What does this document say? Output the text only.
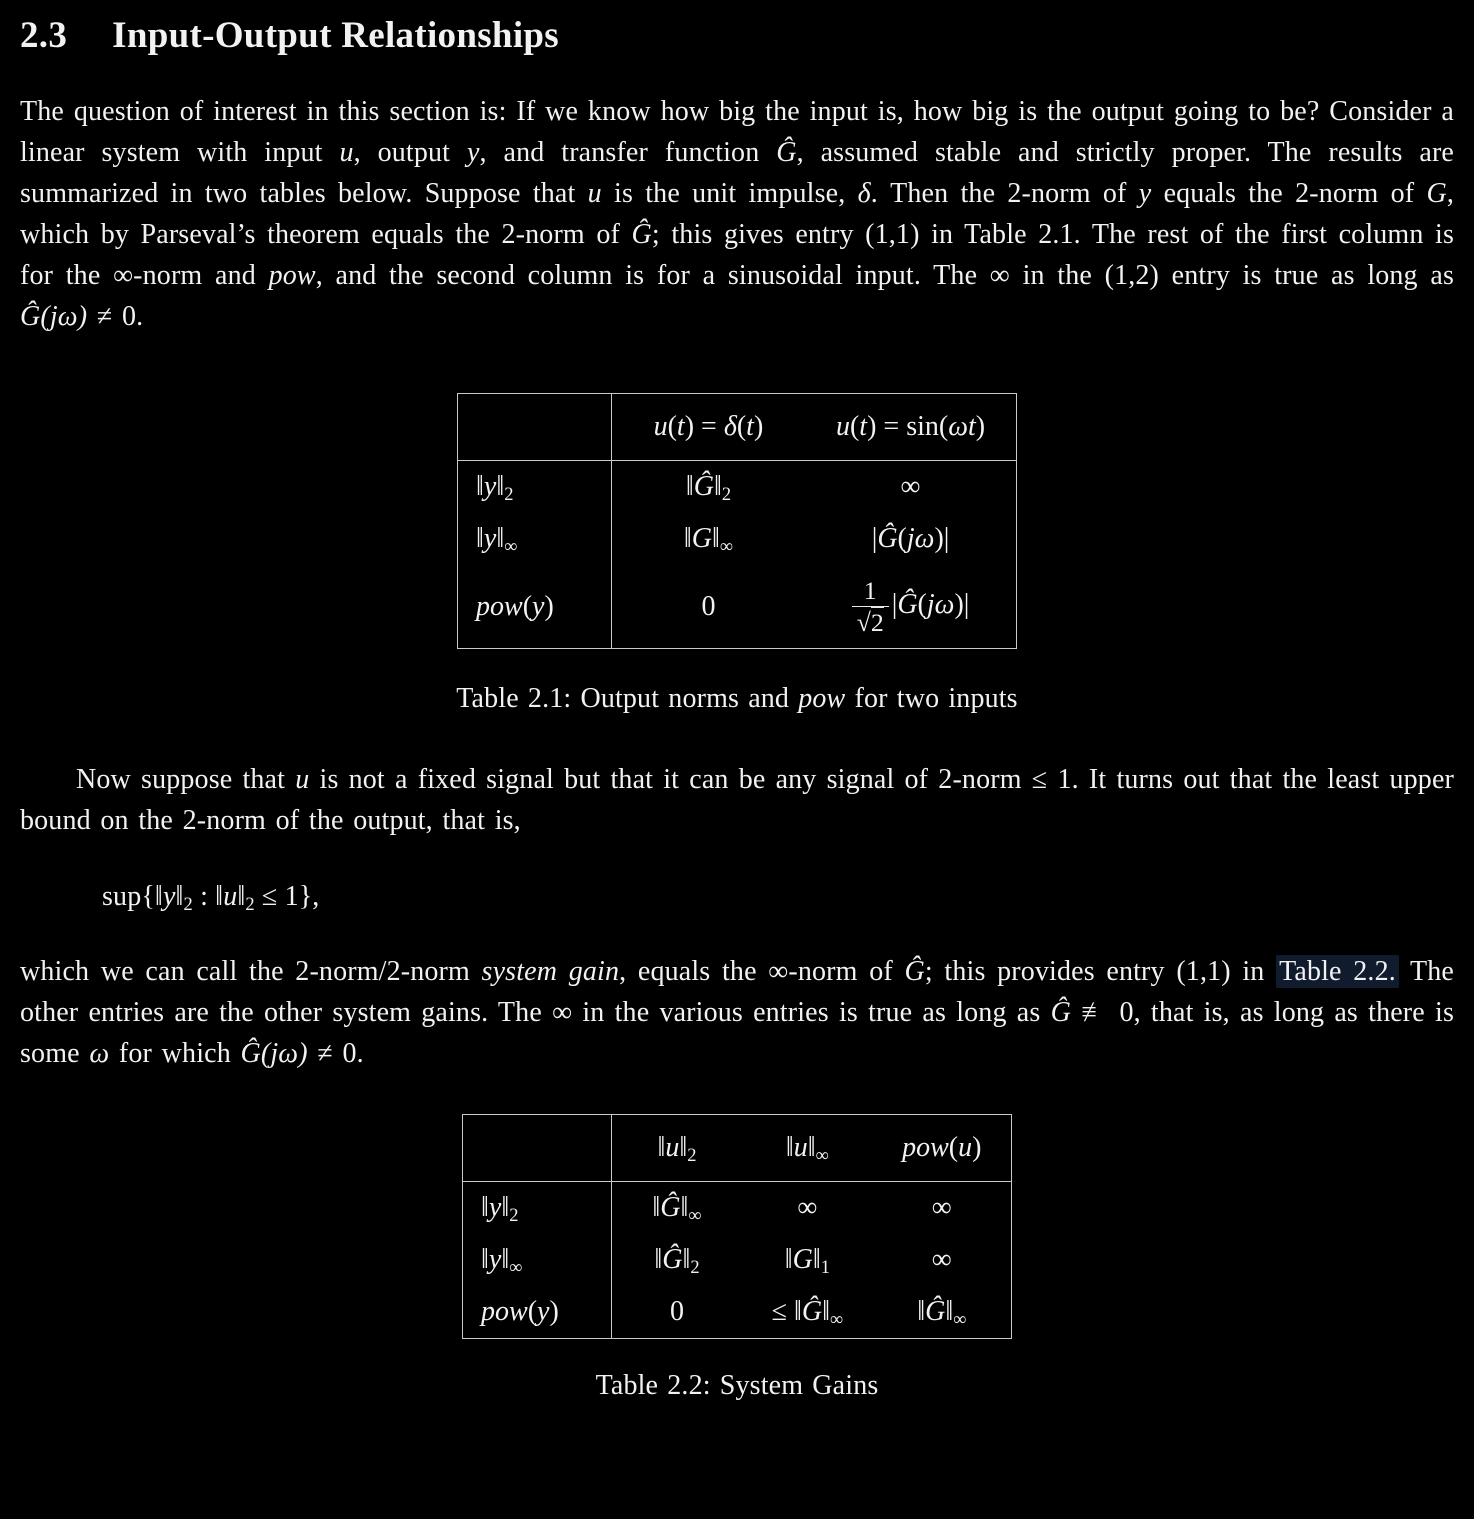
2.3 Input-Output Relationships

The question of interest in this section is: If we know how big the input is, how big is the output going to be? Consider a linear system with input u, output y, and transfer function Ĝ, assumed stable and strictly proper. The results are summarized in two tables below. Suppose that u is the unit impulse, δ. Then the 2-norm of y equals the 2-norm of G, which by Parseval’s theorem equals the 2-norm of Ĝ; this gives entry (1,1) in Table 2.1. The rest of the first column is for the ∞-norm and pow, and the second column is for a sinusoidal input. The ∞ in the (1,2) entry is true as long as Ĝ(jω) ≠ 0.

	u(t) = δ(t)	u(t) = sin(ωt)
$‖y‖_2$	$‖Ĝ‖_2$	∞
$‖y‖_\infty$	$‖G‖_\infty$	|Ĝ(jω)|
pow(y)	0	$\frac{1}{√2}$ |Ĝ(jω)|
Table 2.1: Output norms and pow for two inputs

Now suppose that u is not a fixed signal but that it can be any signal of 2-norm ≤ 1. It turns out that the least upper bound on the 2-norm of the output, that is,

$sup\{‖y‖_2$ : $‖u‖_2 \le 1$},

which we can call the 2-norm/2-norm system gain, equals the ∞-norm of Ĝ; this provides entry (1,1) in Table 2.2. The other entries are the other system gains. The ∞ in the various entries is true as long as Ĝ ≢ 0, that is, as long as there is some ω for which Ĝ(jω) ≠ 0.

	$‖u‖_2$	$‖u‖_\infty$	pow(u)
$‖y‖_2$	$‖Ĝ‖_\infty$	∞	∞
$‖y‖_\infty$	$‖Ĝ‖_2$	$‖G‖_1$	∞
pow(y)	0	≤ $‖Ĝ‖_\infty$	$‖Ĝ‖_\infty$
Table 2.2: System Gains
